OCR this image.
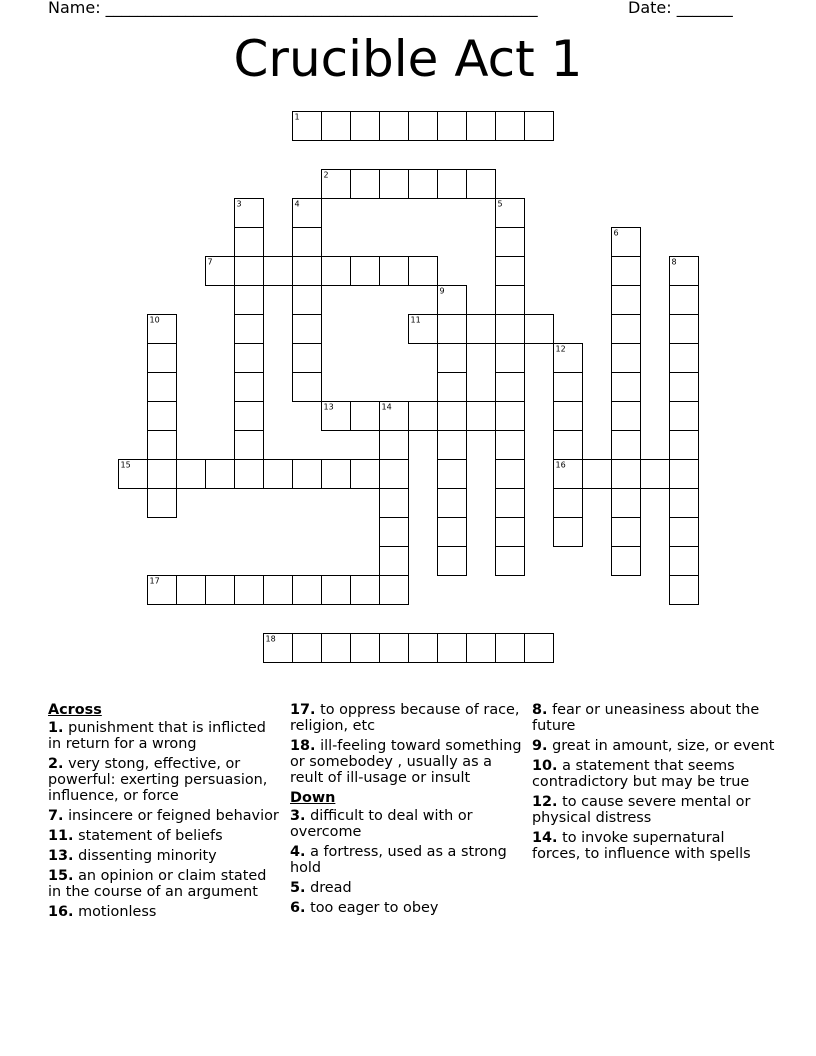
Name: ______________________________________________________	Date: _______
Crucible Act 1
1
2
3	4	5
6
7	8
9
10	11
12
16
13	14
15
17
18
Across
1. punishment that is inflicted in return for a wrong
2. very stong, effective, or powerful: exerting persuasion, influence, or force
7. insincere or feigned behavior
11. statement of beliefs
13. dissenting minority
15. an opinion or claim stated in the course of an argument
16. motionless
17. to oppress because of race, religion, etc
18. ill-feeling toward something or somebodey , usually as a reult of ill-usage or insult
Down
3. difficult to deal with or overcome
4. a fortress, used as a strong hold
5. dread
6. too eager to obey
8. fear or uneasiness about the future
9. great in amount, size, or event
10. a statement that seems contradictory but may be true
12. to cause severe mental or physical distress
14. to invoke supernatural forces, to influence with spells
